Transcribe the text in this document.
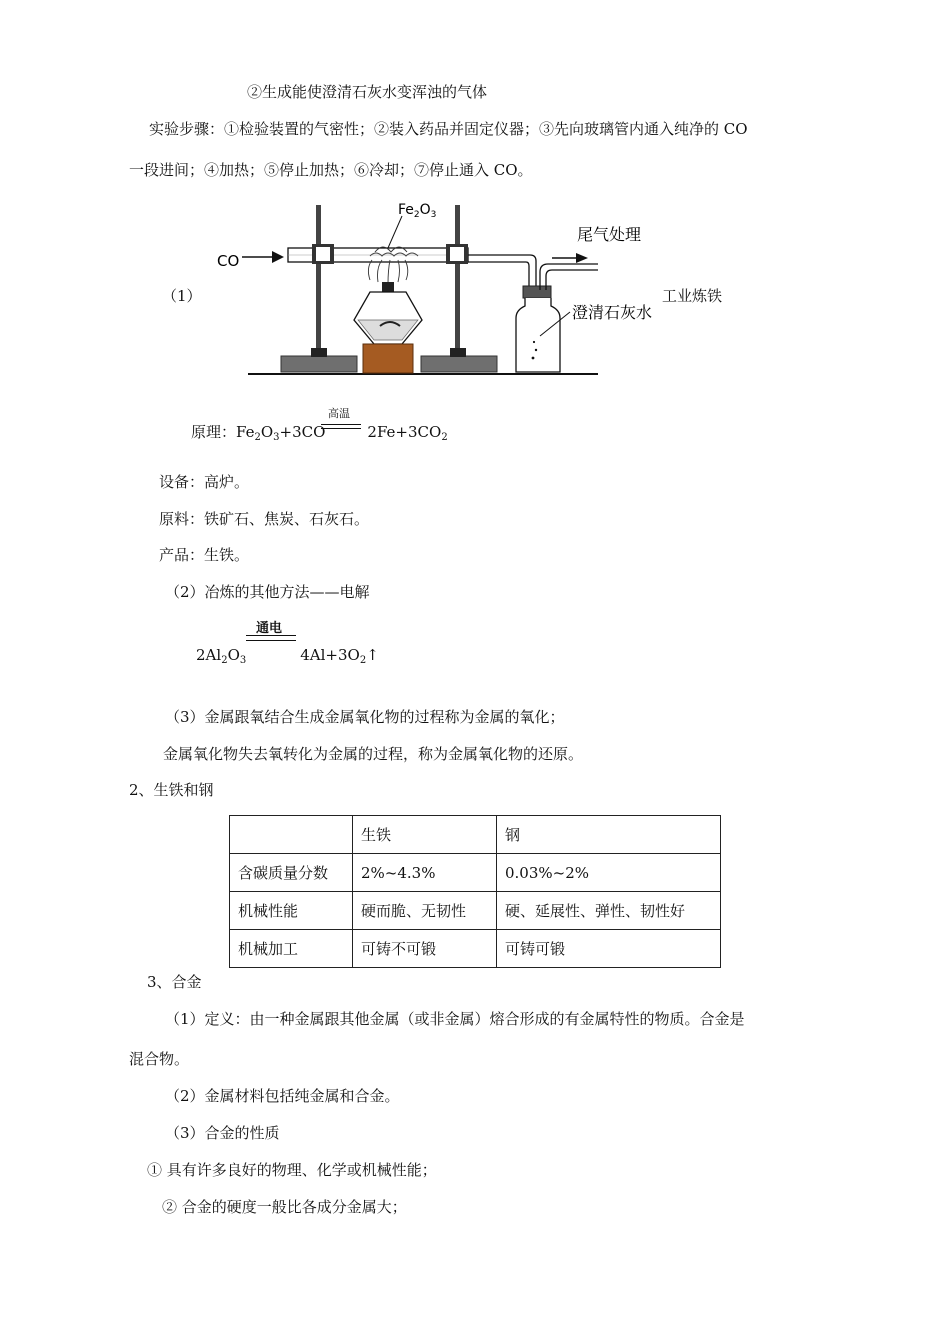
②生成能使澄清石灰水变浑浊的气体
实验步骤：①检验装置的气密性；②装入药品并固定仪器；③先向玻璃管内通入纯净的 CO
一段进间；④加热；⑤停止加热；⑥冷却；⑦停止通入 CO。
CO
$Fe_2O_3$
尾气处理
澄清石灰水
（1）	工业炼铁
高温
原理：$Fe_2O_3+3CO$	$2Fe+3CO_2$
设备：高炉。
原料：铁矿石、焦炭、石灰石。
产品：生铁。
（2）冶炼的其他方法——电解
通电
$2Al_2O_3$	$4Al+3O_2↑$
（3）金属跟氧结合生成金属氧化物的过程称为金属的氧化；
金属氧化物失去氧转化为金属的过程，称为金属氧化物的还原。
2、生铁和钢
	生铁	钢
含碳质量分数	2%~4.3%	0.03%~2%
机械性能	硬而脆、无韧性	硬、延展性、弹性、韧性好
机械加工	可铸不可锻	可铸可锻
3、合金
（1）定义：由一种金属跟其他金属（或非金属）熔合形成的有金属特性的物质。合金是
混合物。
（2）金属材料包括纯金属和合金。
（3）合金的性质
① 具有许多良好的物理、化学或机械性能；
② 合金的硬度一般比各成分金属大；
